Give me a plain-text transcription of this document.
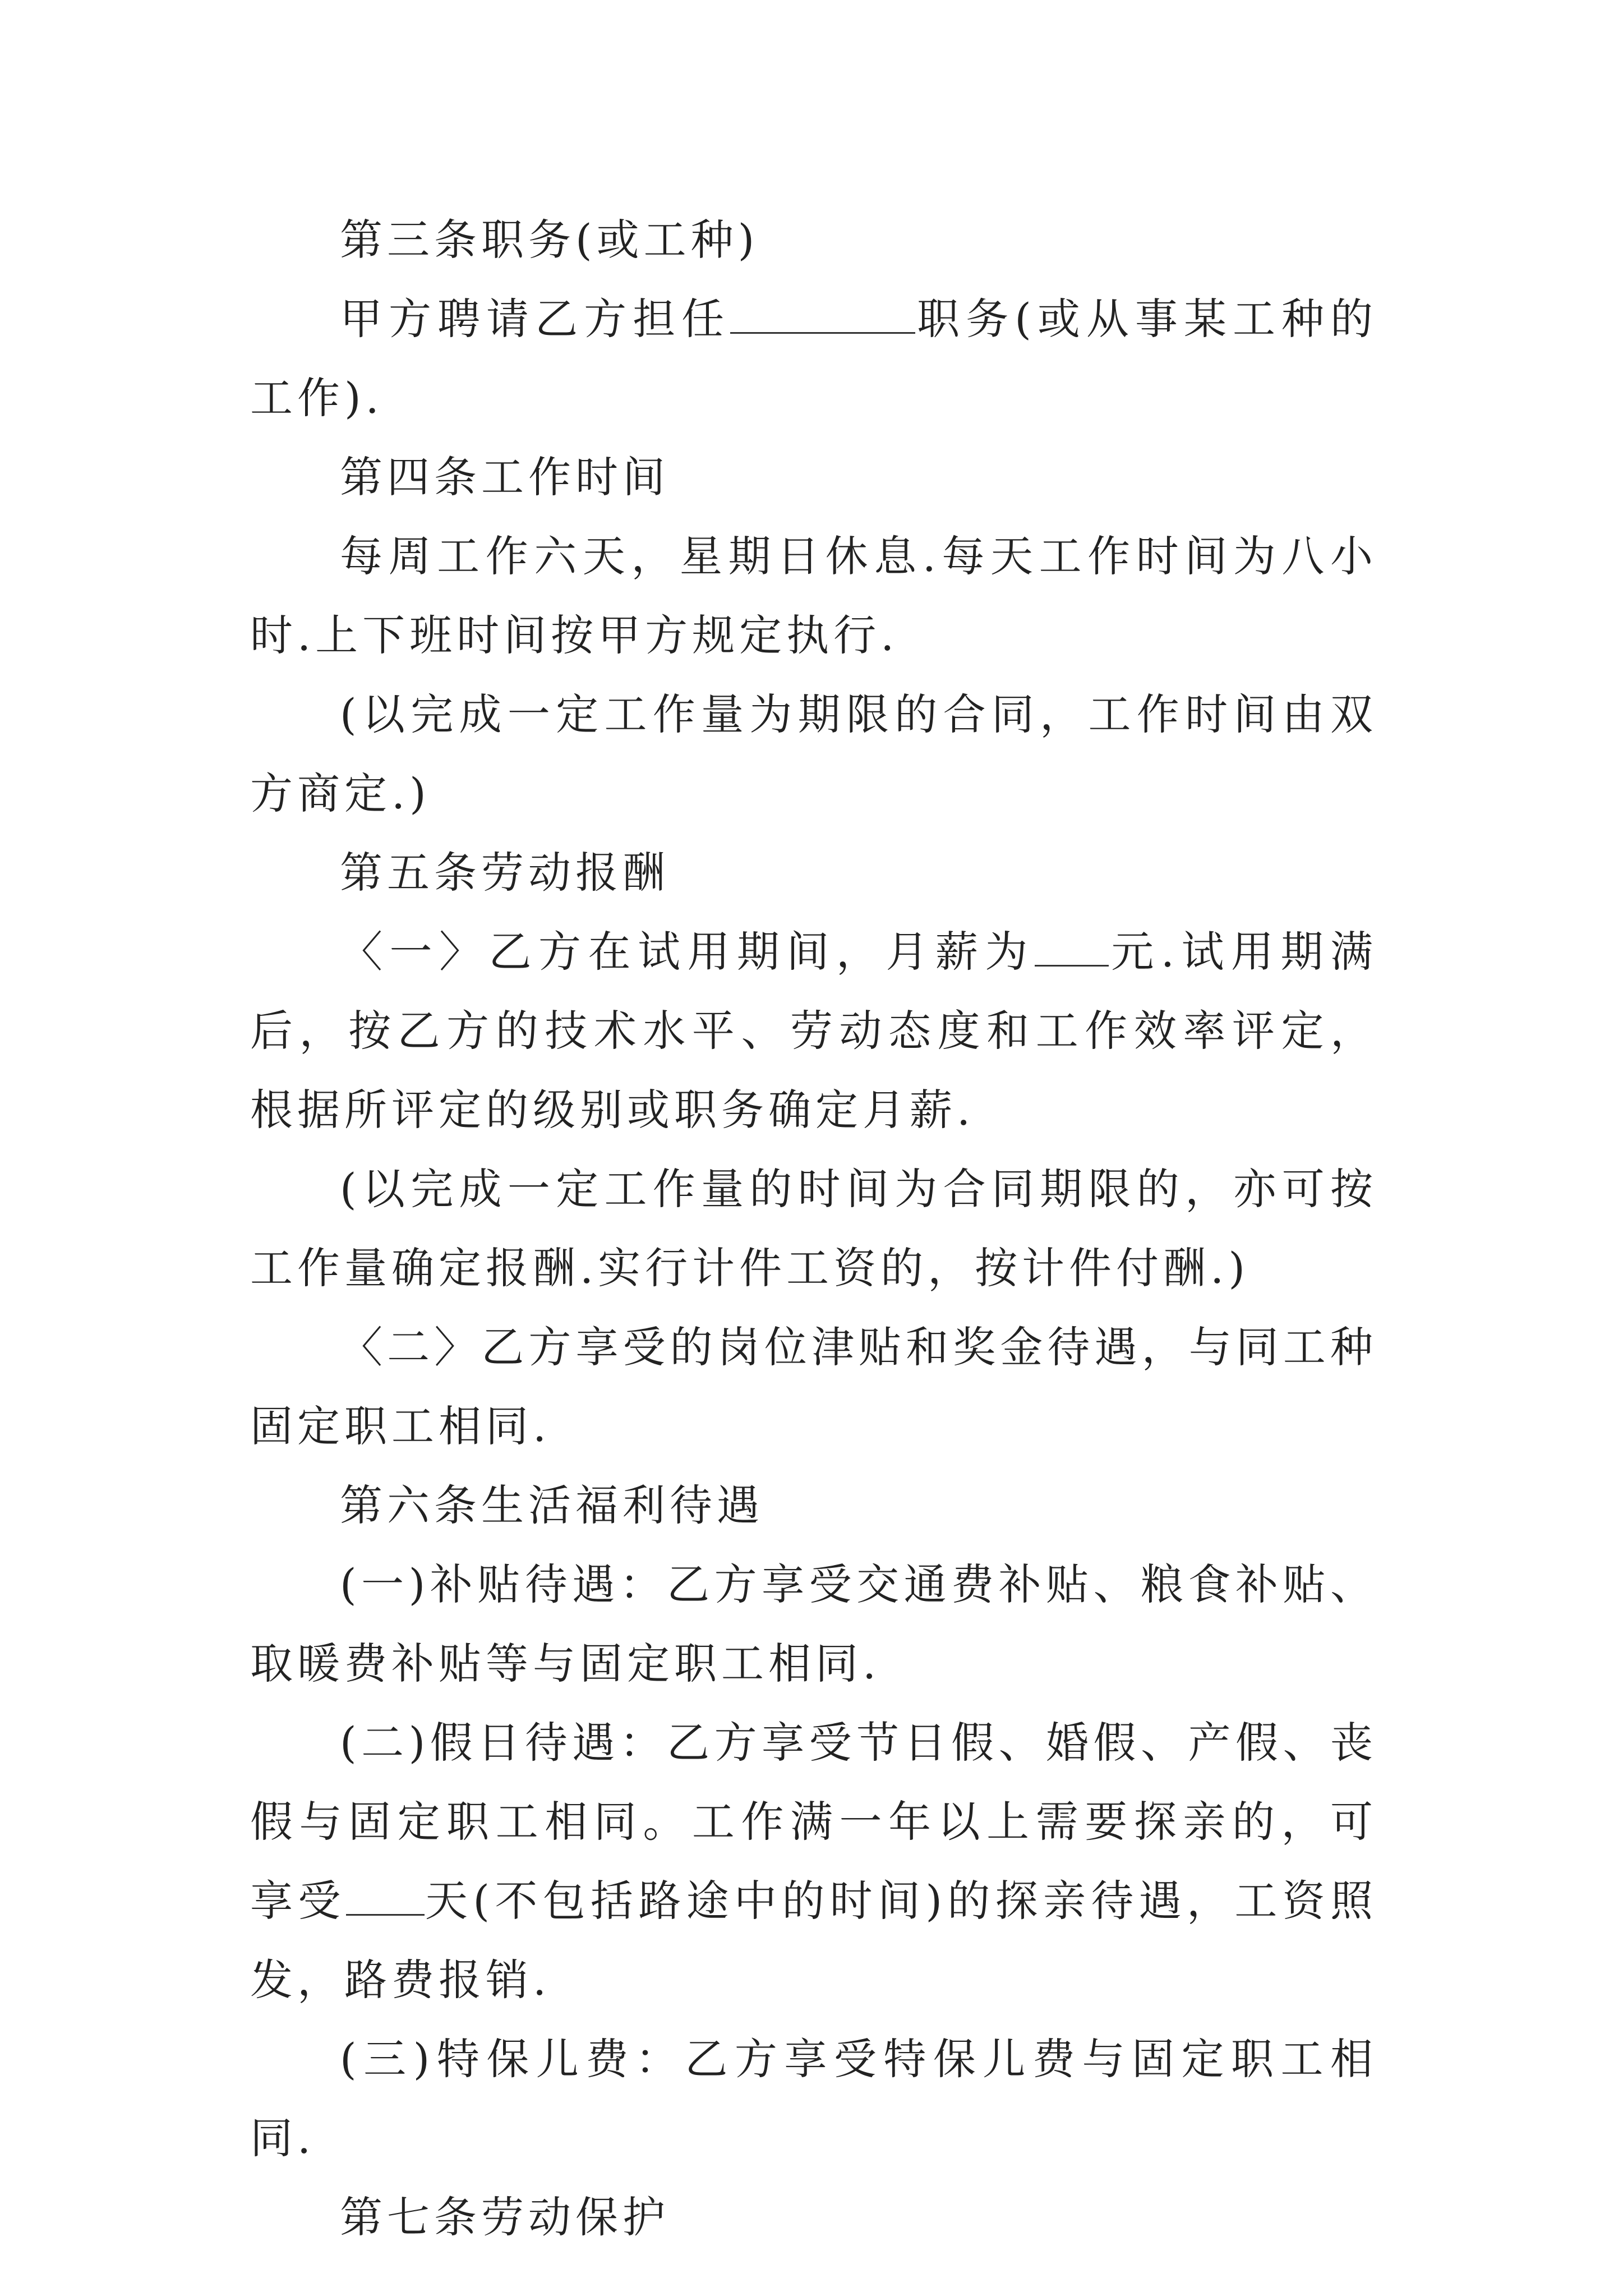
第三条职务(或工种)

甲方聘请乙方担任	职务(或从事某工种的工作).

第四条工作时间

每周工作六天，星期日休息.每天工作时间为八小时.上下班时间按甲方规定执行.

(以完成一定工作量为期限的合同，工作时间由双方商定.)

第五条劳动报酬

〈一〉乙方在试用期间，月薪为 元.试用期满后，按乙方的技术水平、劳动态度和工作效率评定，根据所评定的级别或职务确定月薪.

(以完成一定工作量的时间为合同期限的，亦可按工作量确定报酬.实行计件工资的，按计件付酬.)

〈二〉乙方享受的岗位津贴和奖金待遇，与同工种固定职工相同.

第六条生活福利待遇

(一)补贴待遇：乙方享受交通费补贴、粮食补贴、取暖费补贴等与固定职工相同.

(二)假日待遇：乙方享受节日假、婚假、产假、丧假与固定职工相同。工作满一年以上需要探亲的，可享受 天(不包括路途中的时间)的探亲待遇，工资照发，路费报销.

(三)特保儿费：乙方享受特保儿费与固定职工相同.

第七条劳动保护
